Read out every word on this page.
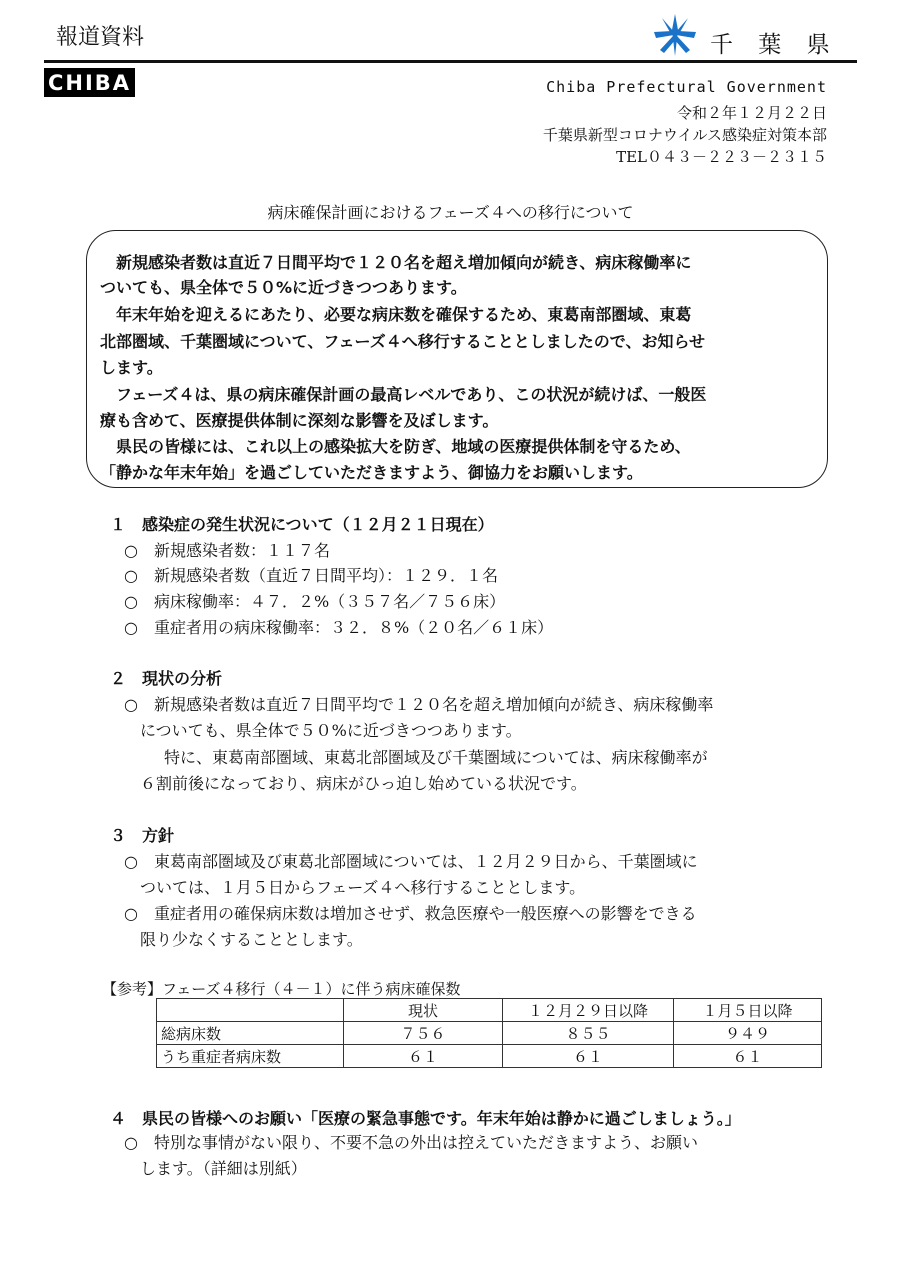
報道資料	千 葉 県
CHIBA	Chiba Prefectural Government
令和２年１２月２２日
千葉県新型コロナウイルス感染症対策本部
TEL０４３－２２３－２３１５
病床確保計画におけるフェーズ４への移行について
　新規感染者数は直近７日間平均で１２０名を超え増加傾向が続き、病床稼働率に
ついても、県全体で５０%に近づきつつあります。
　年末年始を迎えるにあたり、必要な病床数を確保するため、東葛南部圏域、東葛
北部圏域、千葉圏域について、フェーズ４へ移行することとしましたので、お知らせ
します。
　フェーズ４は、県の病床確保計画の最高レベルであり、この状況が続けば、一般医
療も含めて、医療提供体制に深刻な影響を及ぼします。
　県民の皆様には、これ以上の感染拡大を防ぎ、地域の医療提供体制を守るため、
「静かな年末年始」を過ごしていただきますよう、御協力をお願いします。
１　感染症の発生状況について（１２月２１日現在）
○　新規感染者数：１１７名
○　新規感染者数（直近７日間平均）：１２９．１名
○　病床稼働率：４７．２%（３５７名／７５６床）
○　重症者用の病床稼働率：３２．８%（２０名／６１床）
２　現状の分析
○　新規感染者数は直近７日間平均で１２０名を超え増加傾向が続き、病床稼働率
についても、県全体で５０%に近づきつつあります。
特に、東葛南部圏域、東葛北部圏域及び千葉圏域については、病床稼働率が
６割前後になっており、病床がひっ迫し始めている状況です。
３　方針
○　東葛南部圏域及び東葛北部圏域については、１２月２９日から、千葉圏域に
ついては、１月５日からフェーズ４へ移行することとします。
○　重症者用の確保病床数は増加させず、救急医療や一般医療への影響をできる
限り少なくすることとします。
【参考】フェーズ４移行（４－１）に伴う病床確保数
	現状	１２月２９日以降	１月５日以降
総病床数	７５６	８５５	９４９
うち重症者病床数	６１	６１	６１
４　県民の皆様へのお願い「医療の緊急事態です。年末年始は静かに過ごしましょう。」
○　特別な事情がない限り、不要不急の外出は控えていただきますよう、お願い
します。（詳細は別紙）
